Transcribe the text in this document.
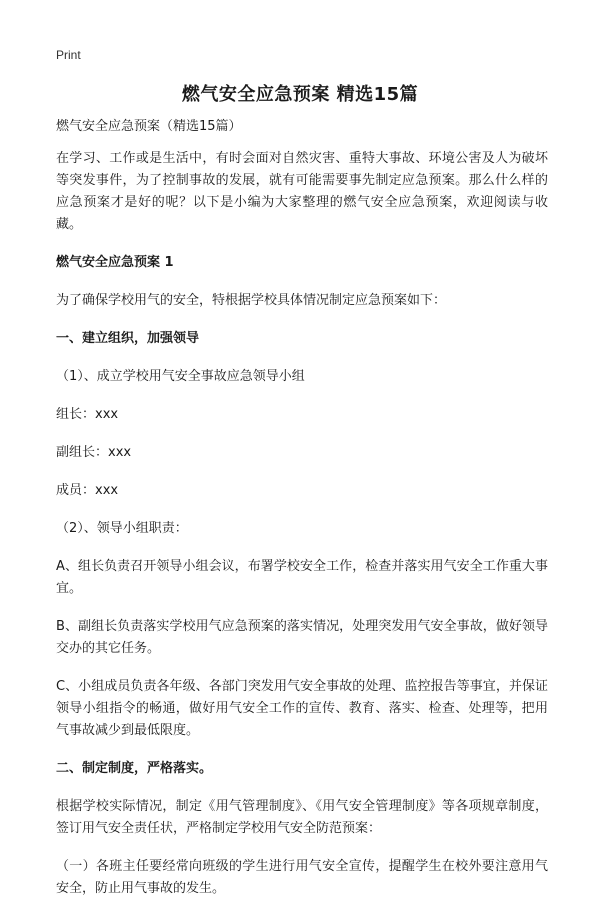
Print
燃气安全应急预案 精选15篇

燃气安全应急预案（精选15篇）

在学习、工作或是生活中，有时会面对自然灾害、重特大事故、环境公害及人为破坏等突发事件，为了控制事故的发展，就有可能需要事先制定应急预案。那么什么样的应急预案才是好的呢？以下是小编为大家整理的燃气安全应急预案，欢迎阅读与收藏。

燃气安全应急预案 1

为了确保学校用气的安全，特根据学校具体情况制定应急预案如下：

一、建立组织，加强领导

（1）、成立学校用气安全事故应急领导小组

组长：xxx

副组长：xxx

成员：xxx

（2）、领导小组职责：

A、组长负责召开领导小组会议，布署学校安全工作，检查并落实用气安全工作重大事宜。

B、副组长负责落实学校用气应急预案的落实情况，处理突发用气安全事故，做好领导交办的其它任务。

C、小组成员负责各年级、各部门突发用气安全事故的处理、监控报告等事宜，并保证领导小组指令的畅通，做好用气安全工作的宣传、教育、落实、检查、处理等，把用气事故减少到最低限度。

二、制定制度，严格落实。

根据学校实际情况，制定《用气管理制度》、《用气安全管理制度》等各项规章制度，签订用气安全责任状，严格制定学校用气安全防范预案：

（一）各班主任要经常向班级的学生进行用气安全宣传，提醒学生在校外要注意用气安全，防止用气事故的发生。
